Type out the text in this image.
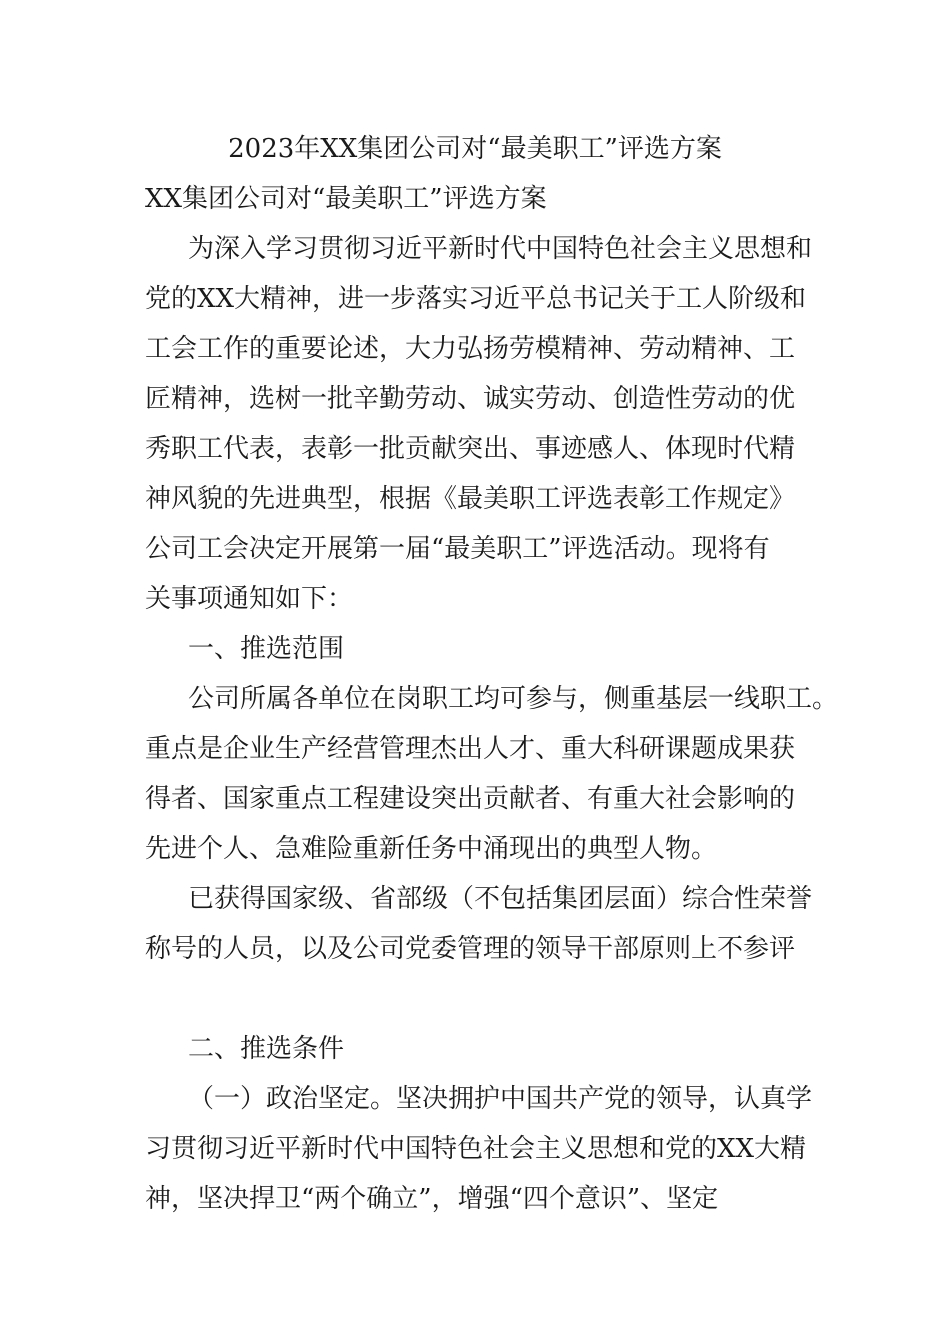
2023年XX集团公司对“最美职工”评选方案
XX集团公司对“最美职工”评选方案
为深入学习贯彻习近平新时代中国特色社会主义思想和
党的XX大精神，进一步落实习近平总书记关于工人阶级和
工会工作的重要论述，大力弘扬劳模精神、劳动精神、工
匠精神，选树一批辛勤劳动、诚实劳动、创造性劳动的优
秀职工代表，表彰一批贡献突出、事迹感人、体现时代精
神风貌的先进典型，根据《最美职工评选表彰工作规定》
公司工会决定开展第一届“最美职工”评选活动。现将有
关事项通知如下：
一、推选范围
公司所属各单位在岗职工均可参与，侧重基层一线职工。
重点是企业生产经营管理杰出人才、重大科研课题成果获
得者、国家重点工程建设突出贡献者、有重大社会影响的
先进个人、急难险重新任务中涌现出的典型人物。
已获得国家级、省部级（不包括集团层面）综合性荣誉
称号的人员，以及公司党委管理的领导干部原则上不参评
二、推选条件
（一）政治坚定。坚决拥护中国共产党的领导，认真学
习贯彻习近平新时代中国特色社会主义思想和党的XX大精
神，坚决捍卫“两个确立”，增强“四个意识”、坚定
